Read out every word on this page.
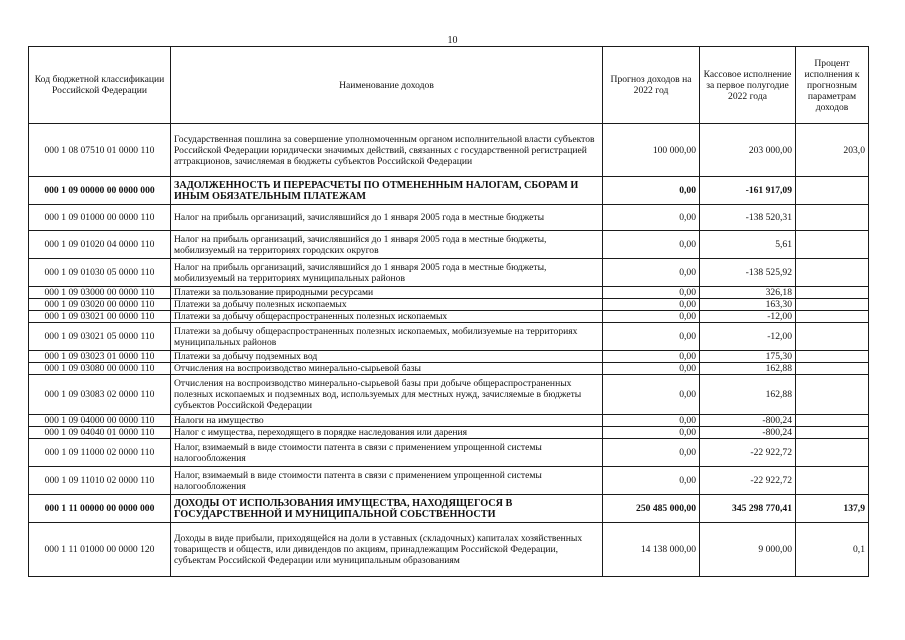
10
Код бюджетной классификации Российской Федерации	Наименование доходов	Прогноз доходов на 2022 год	Кассовое исполнение за первое полугодие 2022 года	Процент исполнения к прогнозным параметрам доходов
000 1 08 07510 01 0000 110	Государственная пошлина за совершение уполномоченным органом исполнительной власти субъектов Российской Федерации юридически значимых действий, связанных с государственной регистрацией аттракционов, зачисляемая в бюджеты субъектов Российской Федерации	100 000,00	203 000,00	203,0
000 1 09 00000 00 0000 000	ЗАДОЛЖЕННОСТЬ И ПЕРЕРАСЧЕТЫ ПО ОТМЕНЕННЫМ НАЛОГАМ, СБОРАМ И ИНЫМ ОБЯЗАТЕЛЬНЫМ ПЛАТЕЖАМ	0,00	-161 917,09	
000 1 09 01000 00 0000 110	Налог на прибыль организаций, зачислявшийся до 1 января 2005 года в местные бюджеты	0,00	-138 520,31	
000 1 09 01020 04 0000 110	Налог на прибыль организаций, зачислявшийся до 1 января 2005 года в местные бюджеты, мобилизуемый на территориях городских округов	0,00	5,61	
000 1 09 01030 05 0000 110	Налог на прибыль организаций, зачислявшийся до 1 января 2005 года в местные бюджеты, мобилизуемый на территориях муниципальных районов	0,00	-138 525,92	
000 1 09 03000 00 0000 110	Платежи за пользование природными ресурсами	0,00	326,18	
000 1 09 03020 00 0000 110	Платежи за добычу полезных ископаемых	0,00	163,30	
000 1 09 03021 00 0000 110	Платежи за добычу общераспространенных полезных ископаемых	0,00	-12,00	
000 1 09 03021 05 0000 110	Платежи за добычу общераспространенных полезных ископаемых, мобилизуемые на территориях муниципальных районов	0,00	-12,00	
000 1 09 03023 01 0000 110	Платежи за добычу подземных вод	0,00	175,30	
000 1 09 03080 00 0000 110	Отчисления на воспроизводство минерально-сырьевой базы	0,00	162,88	
000 1 09 03083 02 0000 110	Отчисления на воспроизводство минерально-сырьевой базы при добыче общераспространенных полезных ископаемых и подземных вод, используемых для местных нужд, зачисляемые в бюджеты субъектов Российской Федерации	0,00	162,88	
000 1 09 04000 00 0000 110	Налоги на имущество	0,00	-800,24	
000 1 09 04040 01 0000 110	Налог с имущества, переходящего в порядке наследования или дарения	0,00	-800,24	
000 1 09 11000 02 0000 110	Налог, взимаемый в виде стоимости патента в связи с применением упрощенной системы налогообложения	0,00	-22 922,72	
000 1 09 11010 02 0000 110	Налог, взимаемый в виде стоимости патента в связи с применением упрощенной системы налогообложения	0,00	-22 922,72	
000 1 11 00000 00 0000 000	ДОХОДЫ ОТ ИСПОЛЬЗОВАНИЯ ИМУЩЕСТВА, НАХОДЯЩЕГОСЯ В ГОСУДАРСТВЕННОЙ И МУНИЦИПАЛЬНОЙ СОБСТВЕННОСТИ	250 485 000,00	345 298 770,41	137,9
000 1 11 01000 00 0000 120	Доходы в виде прибыли, приходящейся на доли в уставных (складочных) капиталах хозяйственных товариществ и обществ, или дивидендов по акциям, принадлежащим Российской Федерации, субъектам Российской Федерации или муниципальным образованиям	14 138 000,00	9 000,00	0,1
